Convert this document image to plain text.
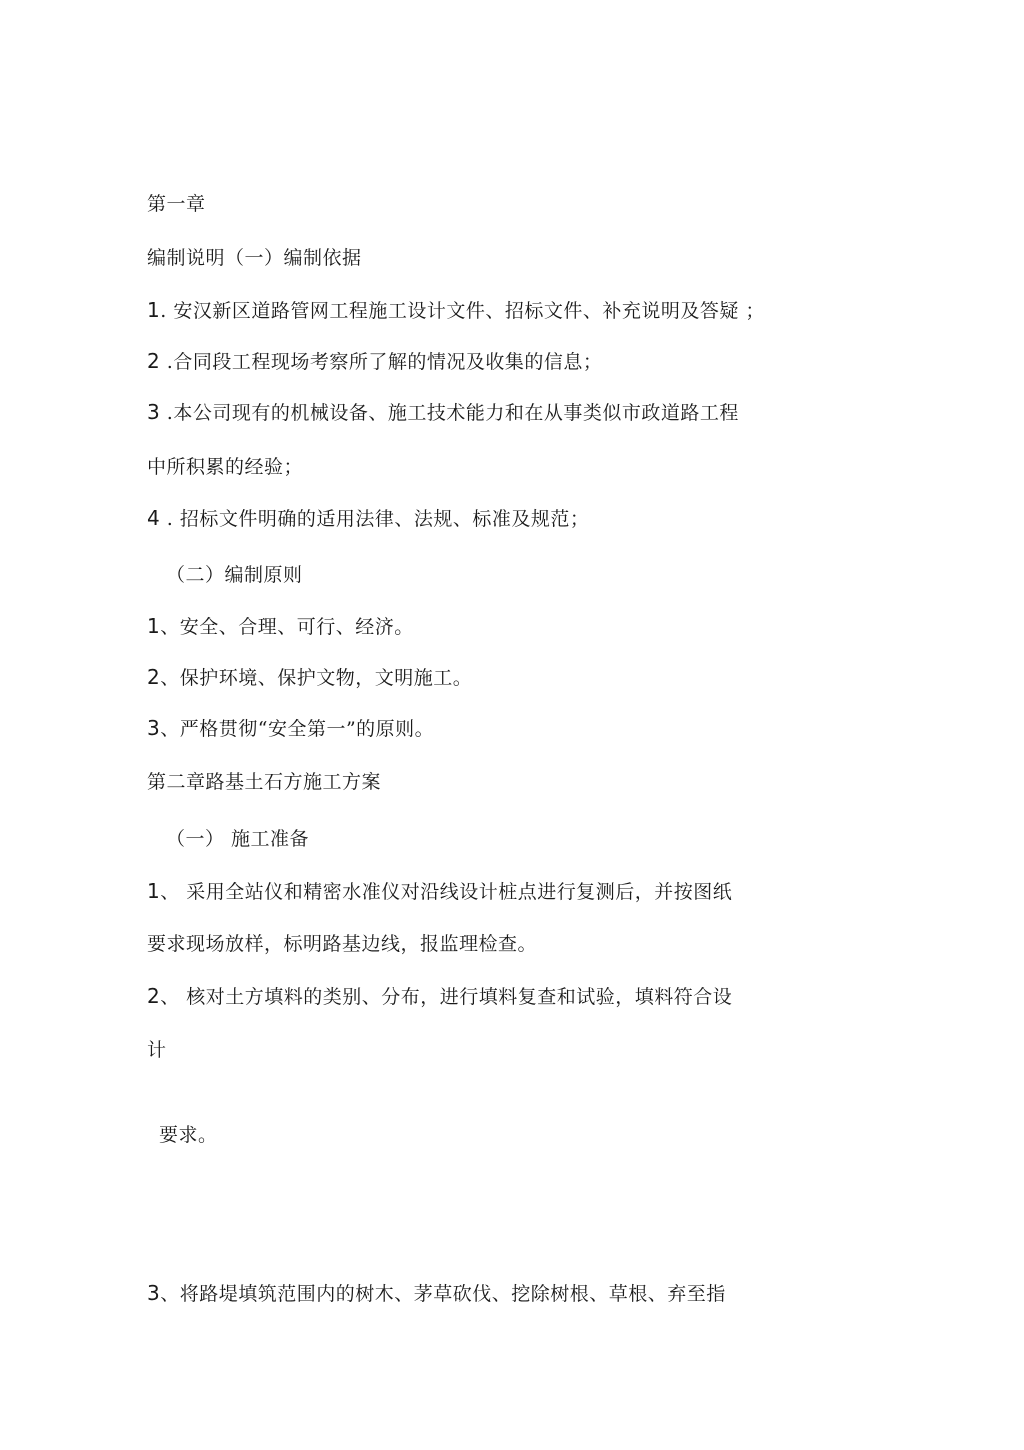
第一章
编制说明（一）编制依据
1. 安汉新区道路管网工程施工设计文件、招标文件、补充说明及答疑 ；
2 .合同段工程现场考察所了解的情况及收集的信息；
3 .本公司现有的机械设备、施工技术能力和在从事类似市政道路工程
中所积累的经验；
4 . 招标文件明确的适用法律、法规、标准及规范；
（二）编制原则
1、安全、合理、可行、经济。
2、保护环境、保护文物，文明施工。
3、严格贯彻“安全第一”的原则。
第二章路基土石方施工方案
（一） 施工准备
1、 采用全站仪和精密水准仪对沿线设计桩点进行复测后，并按图纸
要求现场放样，标明路基边线，报监理检查。
2、 核对土方填料的类别、分布，进行填料复查和试验，填料符合设
计
要求。
3、将路堤填筑范围内的树木、茅草砍伐、挖除树根、草根、弃至指
